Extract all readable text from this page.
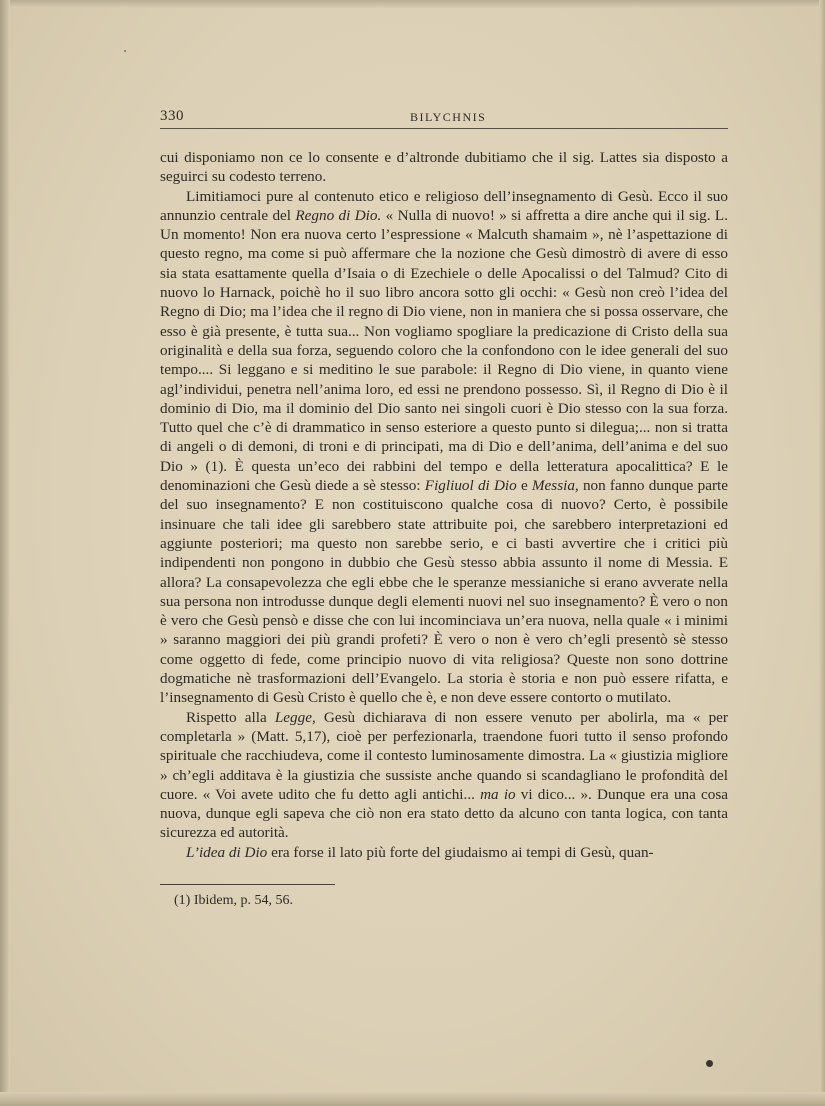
330	BILYCHNIS

cui disponiamo non ce lo consente e d’altronde dubitiamo che il sig. Lattes sia disposto a seguirci su codesto terreno.

Limitiamoci pure al contenuto etico e religioso dell’insegnamento di Gesù. Ecco il suo annunzio centrale del Regno di Dio. « Nulla di nuovo! » si affretta a dire anche qui il sig. L. Un momento! Non era nuova certo l’espressione « Malcuth shamaim », nè l’aspettazione di questo regno, ma come si può affermare che la nozione che Gesù dimostrò di avere di esso sia stata esattamente quella d’Isaia o di Ezechiele o delle Apocalissi o del Talmud? Cito di nuovo lo Harnack, poichè ho il suo libro ancora sotto gli occhi: « Gesù non creò l’idea del Regno di Dio; ma l’idea che il regno di Dio viene, non in maniera che si possa osservare, che esso è già presente, è tutta sua... Non vogliamo spogliare la predicazione di Cristo della sua originalità e della sua forza, seguendo coloro che la confondono con le idee generali del suo tempo.... Si leggano e si meditino le sue parabole: il Regno di Dio viene, in quanto viene agl’individui, penetra nell’anima loro, ed essi ne prendono possesso. Sì, il Regno di Dio è il dominio di Dio, ma il dominio del Dio santo nei singoli cuori è Dio stesso con la sua forza. Tutto quel che c’è di drammatico in senso esteriore a questo punto si dilegua;... non si tratta di angeli o di demoni, di troni e di principati, ma di Dio e dell’anima, dell’anima e del suo Dio » (1). È questa un’eco dei rabbini del tempo e della letteratura apocalittica? E le denominazioni che Gesù diede a sè stesso: Figliuol di Dio e Messia, non fanno dunque parte del suo insegnamento? E non costituiscono qualche cosa di nuovo? Certo, è possibile insinuare che tali idee gli sarebbero state attribuite poi, che sarebbero interpretazioni ed aggiunte posteriori; ma questo non sarebbe serio, e ci basti avvertire che i critici più indipendenti non pongono in dubbio che Gesù stesso abbia assunto il nome di Messia. E allora? La consapevolezza che egli ebbe che le speranze messianiche si erano avverate nella sua persona non introdusse dunque degli elementi nuovi nel suo insegnamento? È vero o non è vero che Gesù pensò e disse che con lui incominciava un’era nuova, nella quale « i minimi » saranno maggiori dei più grandi profeti? È vero o non è vero ch’egli presentò sè stesso come oggetto di fede, come principio nuovo di vita religiosa? Queste non sono dottrine dogmatiche nè trasformazioni dell’Evangelo. La storia è storia e non può essere rifatta, e l’insegnamento di Gesù Cristo è quello che è, e non deve essere contorto o mutilato.

Rispetto alla Legge, Gesù dichiarava di non essere venuto per abolirla, ma « per completarla » (Matt. 5,17), cioè per perfezionarla, traendone fuori tutto il senso profondo spirituale che racchiudeva, come il contesto luminosamente dimostra. La « giustizia migliore » ch’egli additava è la giustizia che sussiste anche quando si scandagliano le profondità del cuore. « Voi avete udito che fu detto agli antichi... ma io vi dico... ». Dunque era una cosa nuova, dunque egli sapeva che ciò non era stato detto da alcuno con tanta logica, con tanta sicurezza ed autorità.

L’idea di Dio era forse il lato più forte del giudaismo ai tempi di Gesù, quan-

(1) Ibidem, p. 54, 56.
